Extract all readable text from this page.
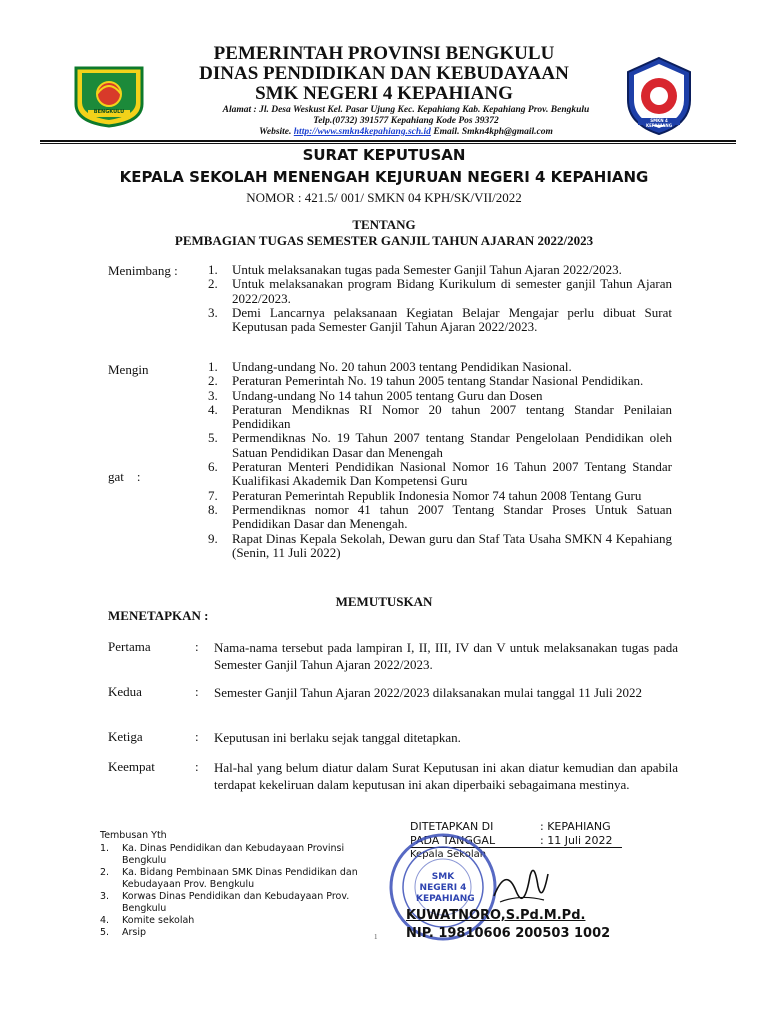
BENGKULU
SMKN 4 KEPAHIANG
PEMERINTAH PROVINSI BENGKULU
DINAS PENDIDIKAN DAN KEBUDAYAAN
SMK NEGERI 4 KEPAHIANG
Alamat : Jl. Desa Weskust Kel. Pasar Ujung Kec. Kepahiang Kab. Kepahiang Prov. Bengkulu
Telp.(0732) 391577 Kepahiang Kode Pos 39372
Website. http://www.smkn4kepahiang.sch.id Email. Smkn4kph@gmail.com
SURAT KEPUTUSAN
KEPALA SEKOLAH MENENGAH KEJURUAN NEGERI 4 KEPAHIANG
NOMOR : 421.5/ 001/ SMKN 04 KPH/SK/VII/2022
TENTANG
PEMBAGIAN TUGAS SEMESTER GANJIL TAHUN AJARAN 2022/2023
Menimbang : 1. Untuk melaksanakan tugas pada Semester Ganjil Tahun Ajaran 2022/2023.
2. Untuk melaksanakan program Bidang Kurikulum di semester ganjil Tahun Ajaran 2022/2023.
3. Demi Lancarnya pelaksanaan Kegiatan Belajar Mengajar perlu dibuat Surat Keputusan pada Semester Ganjil Tahun Ajaran 2022/2023.
Mengin
gat    :
1. Undang-undang No. 20 tahun 2003 tentang Pendidikan Nasional.
2. Peraturan Pemerintah No. 19 tahun 2005 tentang Standar Nasional Pendidikan.
3. Undang-undang No 14 tahun 2005 tentang Guru dan Dosen
4. Peraturan Mendiknas RI Nomor 20 tahun 2007 tentang Standar Penilaian Pendidikan
5. Permendiknas No. 19 Tahun 2007 tentang Standar Pengelolaan Pendidikan oleh Satuan Pendidikan Dasar dan Menengah
6. Peraturan Menteri Pendidikan Nasional Nomor 16 Tahun 2007 Tentang Standar Kualifikasi Akademik Dan Kompetensi Guru
7. Peraturan Pemerintah Republik Indonesia Nomor 74 tahun 2008 Tentang Guru
8. Permendiknas nomor 41 tahun 2007 Tentang Standar Proses Untuk Satuan Pendidikan Dasar dan Menengah.
9. Rapat Dinas Kepala Sekolah, Dewan guru dan Staf Tata Usaha SMKN 4 Kepahiang (Senin, 11 Juli 2022)
MEMUTUSKAN
MENETAPKAN :
Pertama	: Nama-nama tersebut pada lampiran I, II, III, IV dan V untuk melaksanakan tugas pada Semester Ganjil Tahun Ajaran 2022/2023.
Kedua	: Semester Ganjil Tahun Ajaran 2022/2023 dilaksanakan mulai tanggal 11 Juli 2022
Ketiga	: Keputusan ini berlaku sejak tanggal ditetapkan.
Keempat	: Hal-hal yang belum diatur dalam Surat Keputusan ini akan diatur kemudian dan apabila terdapat kekeliruan dalam keputusan ini akan diperbaiki sebagaimana mestinya.
Tembusan Yth
1. Ka. Dinas Pendidikan dan Kebudayaan Provinsi Bengkulu
2. Ka. Bidang Pembinaan SMK Dinas Pendidikan dan Kebudayaan Prov. Bengkulu
3. Korwas Dinas Pendidikan dan Kebudayaan Prov. Bengkulu
4. Komite sekolah
5. Arsip
DITETAPKAN DI	: KEPAHIANG
PADA TANGGAL	: 11 Juli 2022
Kepala Sekolah
SMK NEGERI 4 KEPAHIANG
KUWATNORO,S.Pd.M.Pd.
NIP. 19810606 200503 1002
1
